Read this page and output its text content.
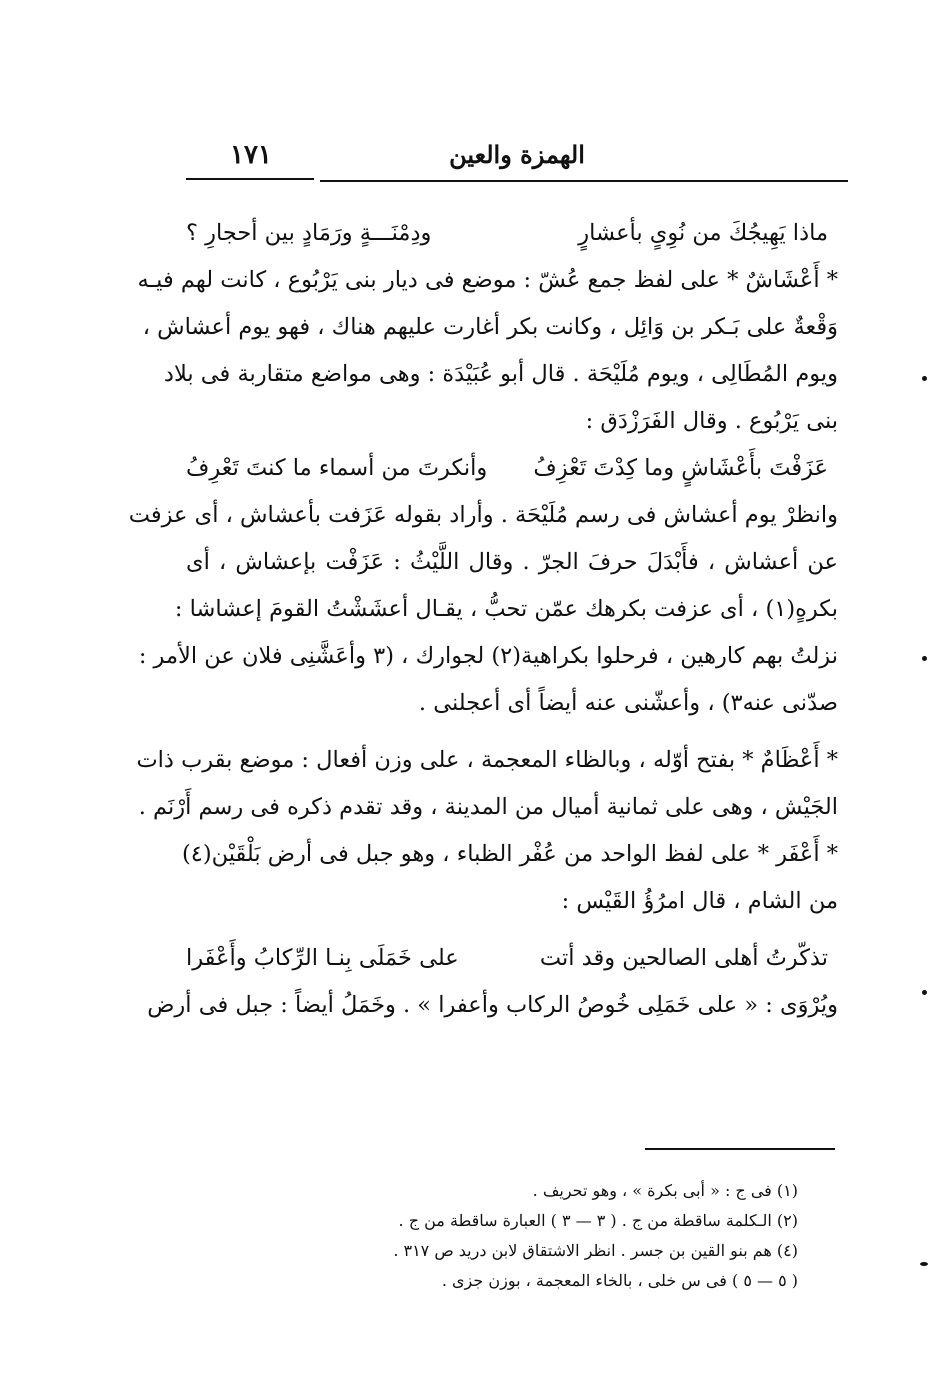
١٧١	الهمزة والعين
ماذا يَهِيجُكَ من نُوِىٍ بأعشارٍ
ودِمْنَـــةٍ ورَمَادٍ بين أحجارِ ؟
* أَعْشَاشٌ * على لفظ جمع عُشّ : موضع فى ديار بنى يَرْبُوع ، كانت لهم فيـه
وَقْعةٌ على بَـكر بن وَائِل ، وكانت بكر أغارت عليهم هناك ، فهو يوم أعشاش ،
ويوم المُطَالِى ، ويوم مُلَيْحَة . قال أبو عُبَيْدَة : وهى مواضع متقاربة فى بلاد
بنى يَرْبُوع . وقال الفَرَزْدَق :
عَزَفْتَ بأَعْشَاشٍ وما كِدْتَ تَعْزِفُ
وأنكرتَ من أسماء ما كنتَ تَعْرِفُ
وانظرْ يوم أعشاش فى رسم مُلَيْحَة . وأراد بقوله عَزَفت بأعشاش ، أى عزفت
عن أعشاش ، فأَبْدَلَ حرفَ الجرّ . وقال اللَّيْثُ : عَزَفْت بإعشاش ، أى
بكرهٍ(١) ، أى عزفت بكرهك عمّن تحبُّ ، يقـال أعشَشْتُ القومَ إعشاشا :
نزلتُ بهم كارهين ، فرحلوا بكراهية(٢) لجوارك ، (٣ وأعَشَّنِى فلان عن الأمر :
صدّنى عنه٣) ، وأعشّنى عنه أيضاً أى أعجلنى .
* أَعْظَامٌ * بفتح أوّله ، وبالظاء المعجمة ، على وزن أفعال : موضع بقرب ذات
الجَيْش ، وهى على ثمانية أميال من المدينة ، وقد تقدم ذكره فى رسم أَرْنَم .
* أَعْفَر * على لفظ الواحد من عُفْر الظباء ، وهو جبل فى أرض بَلْقَيْن(٤)
من الشام ، قال امرُؤُ القَيْس :
تذكّرتُ أهلى الصالحين وقد أتت
على خَمَلَى بِنـا الرِّكابُ وأَعْفَرا
ويُرْوَى : « على خَمَلِى خُوصُ الركاب وأعفرا » . وخَمَلُ أيضاً : جبل فى أرض
(١) فى ج : « أبى بكرة » ، وهو تحريف .
(٢) الـكلمة ساقطة من ج . ( ٣ — ٣ ) العبارة ساقطة من ج .
(٤) هم بنو القين بن جسر . انظر الاشتقاق لابن دريد ص ٣١٧ .
( ٥ — ٥ ) فى س خلى ، بالخاء المعجمة ، بوزن جزى .
